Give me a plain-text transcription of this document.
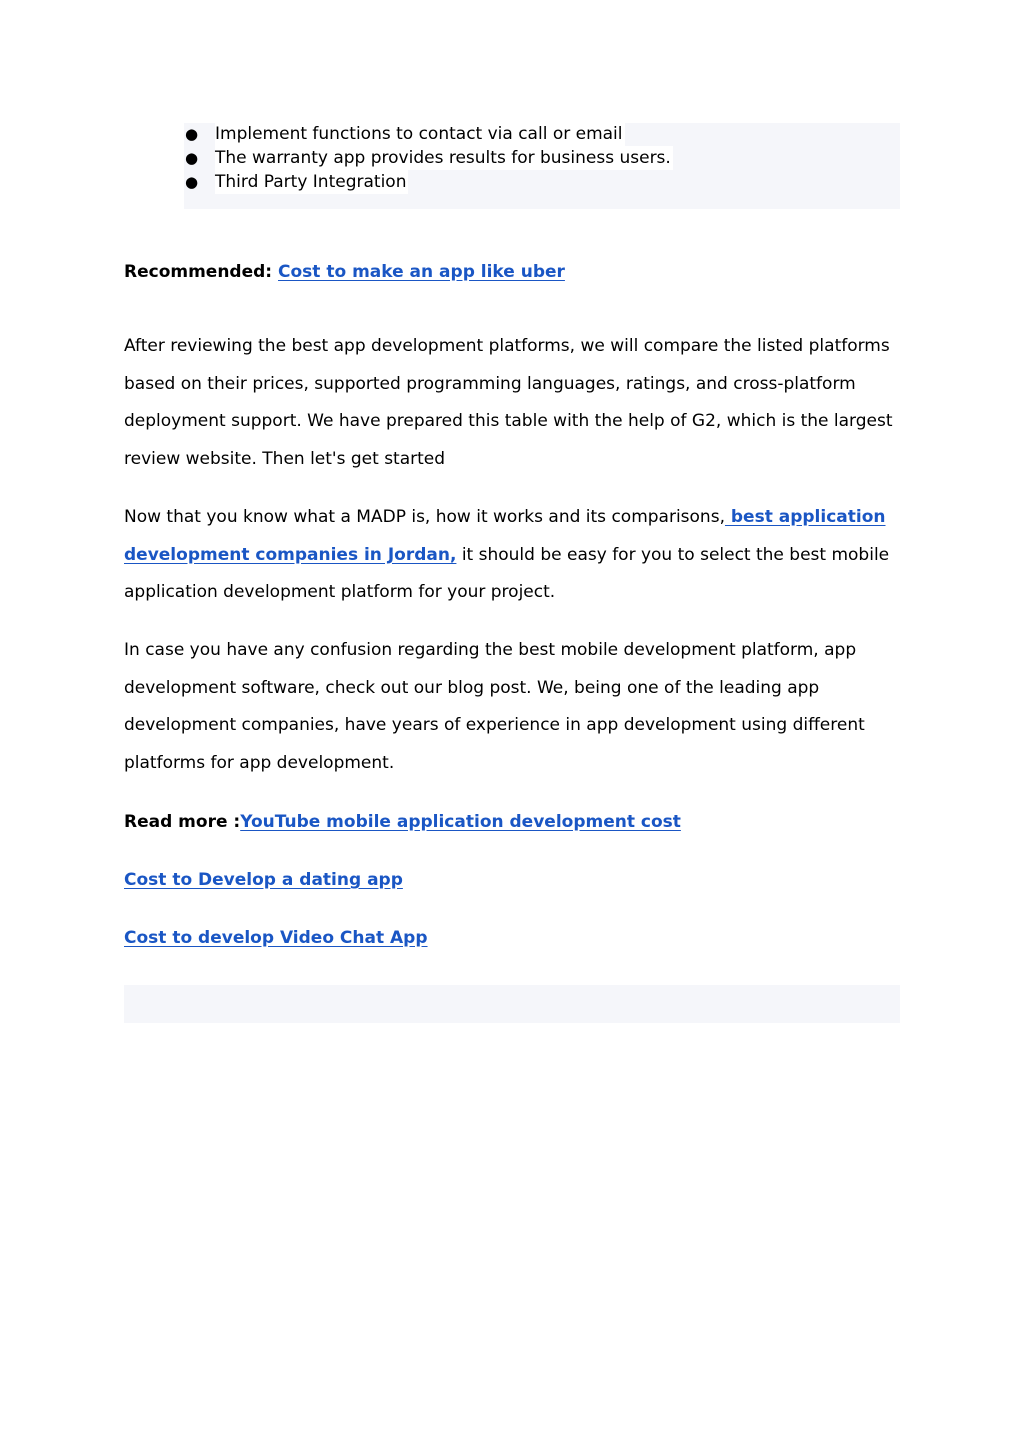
● Implement functions to contact via call or email
● The warranty app provides results for business users.
● Third Party Integration

Recommended: Cost to make an app like uber

After reviewing the best app development platforms, we will compare the listed platforms based on their prices, supported programming languages, ratings, and cross-platform deployment support. We have prepared this table with the help of G2, which is the largest review website. Then let's get started

Now that you know what a MADP is, how it works and its comparisons, best application development companies in Jordan, it should be easy for you to select the best mobile application development platform for your project.

In case you have any confusion regarding the best mobile development platform, app development software, check out our blog post. We, being one of the leading app development companies, have years of experience in app development using different platforms for app development.

Read more :YouTube mobile application development cost

Cost to Develop a dating app

Cost to develop Video Chat App
